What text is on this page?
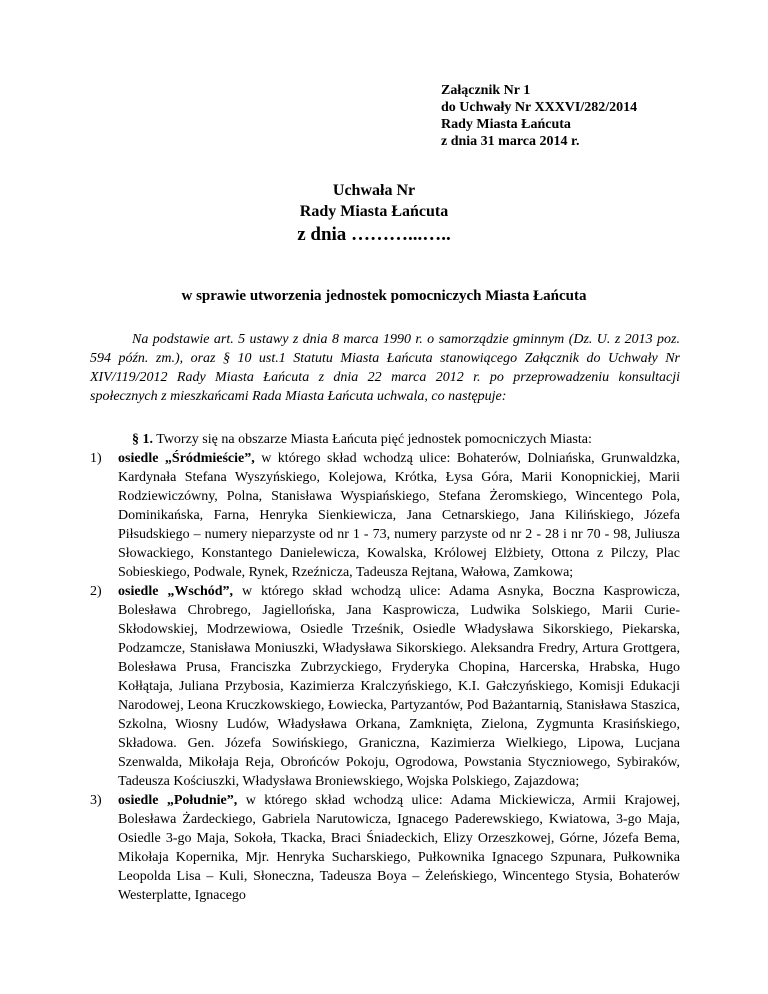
Załącznik Nr 1
do Uchwały Nr XXXVI/282/2014
Rady Miasta Łańcuta
z dnia 31 marca 2014 r.
Uchwała Nr
Rady Miasta Łańcuta
z dnia ………...…..
w sprawie utworzenia jednostek pomocniczych Miasta Łańcuta
Na podstawie art. 5 ustawy z dnia 8 marca 1990 r. o samorządzie gminnym (Dz. U. z 2013 poz. 594 późn. zm.), oraz § 10 ust.1 Statutu Miasta Łańcuta stanowiącego Załącznik do Uchwały Nr XIV/119/2012 Rady Miasta Łańcuta z dnia 22 marca 2012 r. po przeprowadzeniu konsultacji społecznych z mieszkańcami Rada Miasta Łańcuta uchwala, co następuje:
§ 1. Tworzy się na obszarze Miasta Łańcuta pięć jednostek pomocniczych Miasta:
1) osiedle „Śródmieście”, w którego skład wchodzą ulice: Bohaterów, Dolniańska, Grunwaldzka, Kardynała Stefana Wyszyńskiego, Kolejowa, Krótka, Łysa Góra, Marii Konopnickiej, Marii Rodziewiczówny, Polna, Stanisława Wyspiańskiego, Stefana Żeromskiego, Wincentego Pola, Dominikańska, Farna, Henryka Sienkiewicza, Jana Cetnarskiego, Jana Kilińskiego, Józefa Piłsudskiego – numery nieparzyste od nr 1 - 73, numery parzyste od nr 2 - 28 i nr 70 - 98, Juliusza Słowackiego, Konstantego Danielewicza, Kowalska, Królowej Elżbiety, Ottona z Pilczy, Plac Sobieskiego, Podwale, Rynek, Rzeźnicza, Tadeusza Rejtana, Wałowa, Zamkowa;
2) osiedle „Wschód”, w którego skład wchodzą ulice: Adama Asnyka, Boczna Kasprowicza, Bolesława Chrobrego, Jagiellońska, Jana Kasprowicza, Ludwika Solskiego, Marii Curie-Skłodowskiej, Modrzewiowa, Osiedle Trześnik, Osiedle Władysława Sikorskiego, Piekarska, Podzamcze, Stanisława Moniuszki, Władysława Sikorskiego. Aleksandra Fredry, Artura Grottgera, Bolesława Prusa, Franciszka Zubrzyckiego, Fryderyka Chopina, Harcerska, Hrabska, Hugo Kołłątaja, Juliana Przybosia, Kazimierza Kralczyńskiego, K.I. Gałczyńskiego, Komisji Edukacji Narodowej, Leona Kruczkowskiego, Łowiecka, Partyzantów, Pod Bażantarnią, Stanisława Staszica, Szkolna, Wiosny Ludów, Władysława Orkana, Zamknięta, Zielona, Zygmunta Krasińskiego, Składowa. Gen. Józefa Sowińskiego, Graniczna, Kazimierza Wielkiego, Lipowa, Lucjana Szenwalda, Mikołaja Reja, Obrońców Pokoju, Ogrodowa, Powstania Styczniowego, Sybiraków, Tadeusza Kościuszki, Władysława Broniewskiego, Wojska Polskiego, Zajazdowa;
3) osiedle „Południe”, w którego skład wchodzą ulice: Adama Mickiewicza, Armii Krajowej, Bolesława Żardeckiego, Gabriela Narutowicza, Ignacego Paderewskiego, Kwiatowa, 3-go Maja, Osiedle 3-go Maja, Sokoła, Tkacka, Braci Śniadeckich, Elizy Orzeszkowej, Górne, Józefa Bema, Mikołaja Kopernika, Mjr. Henryka Sucharskiego, Pułkownika Ignacego Szpunara, Pułkownika Leopolda Lisa – Kuli, Słoneczna, Tadeusza Boya – Żeleńskiego, Wincentego Stysia, Bohaterów Westerplatte, Ignacego
